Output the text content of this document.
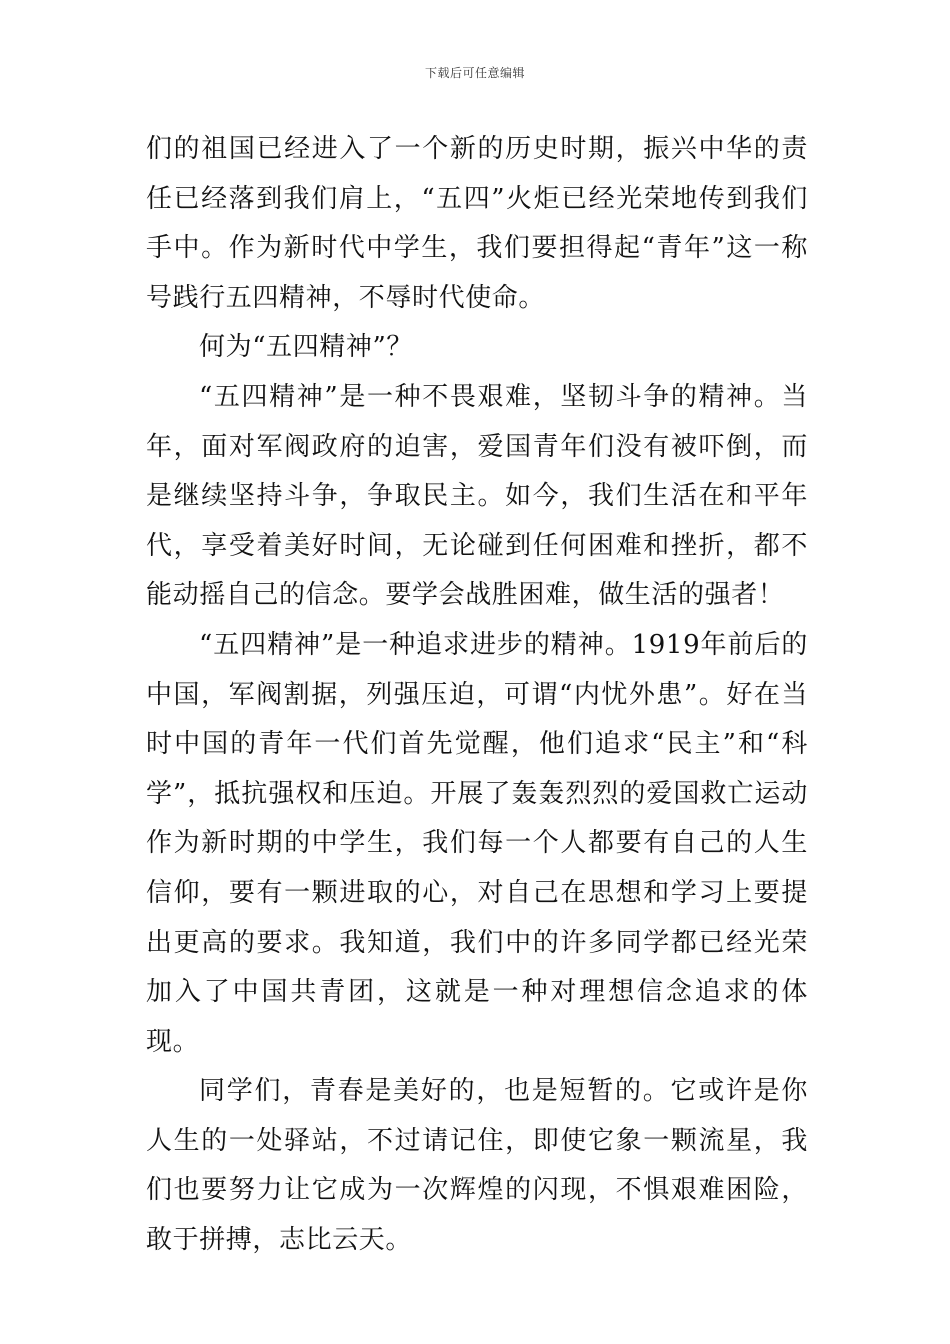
下载后可任意编辑

们的祖国已经进入了一个新的历史时期，振兴中华的责任已经落到我们肩上，“五四”火炬已经光荣地传到我们手中。作为新时代中学生，我们要担得起“青年”这一称号践行五四精神，不辱时代使命。

何为“五四精神”？

“五四精神”是一种不畏艰难，坚韧斗争的精神。当年，面对军阀政府的迫害，爱国青年们没有被吓倒，而是继续坚持斗争，争取民主。如今，我们生活在和平年代，享受着美好时间，无论碰到任何困难和挫折，都不能动摇自己的信念。要学会战胜困难，做生活的强者！

“五四精神”是一种追求进步的精神。1919年前后的中国，军阀割据，列强压迫，可谓“内忧外患”。好在当时中国的青年一代们首先觉醒，他们追求“民主”和“科学”，抵抗强权和压迫。开展了轰轰烈烈的爱国救亡运动作为新时期的中学生，我们每一个人都要有自己的人生信仰，要有一颗进取的心，对自己在思想和学习上要提出更高的要求。我知道，我们中的许多同学都已经光荣加入了中国共青团，这就是一种对理想信念追求的体现。

同学们，青春是美好的，也是短暂的。它或许是你人生的一处驿站，不过请记住，即使它象一颗流星，我们也要努力让它成为一次辉煌的闪现，不惧艰难困险，敢于拼搏，志比云天。
